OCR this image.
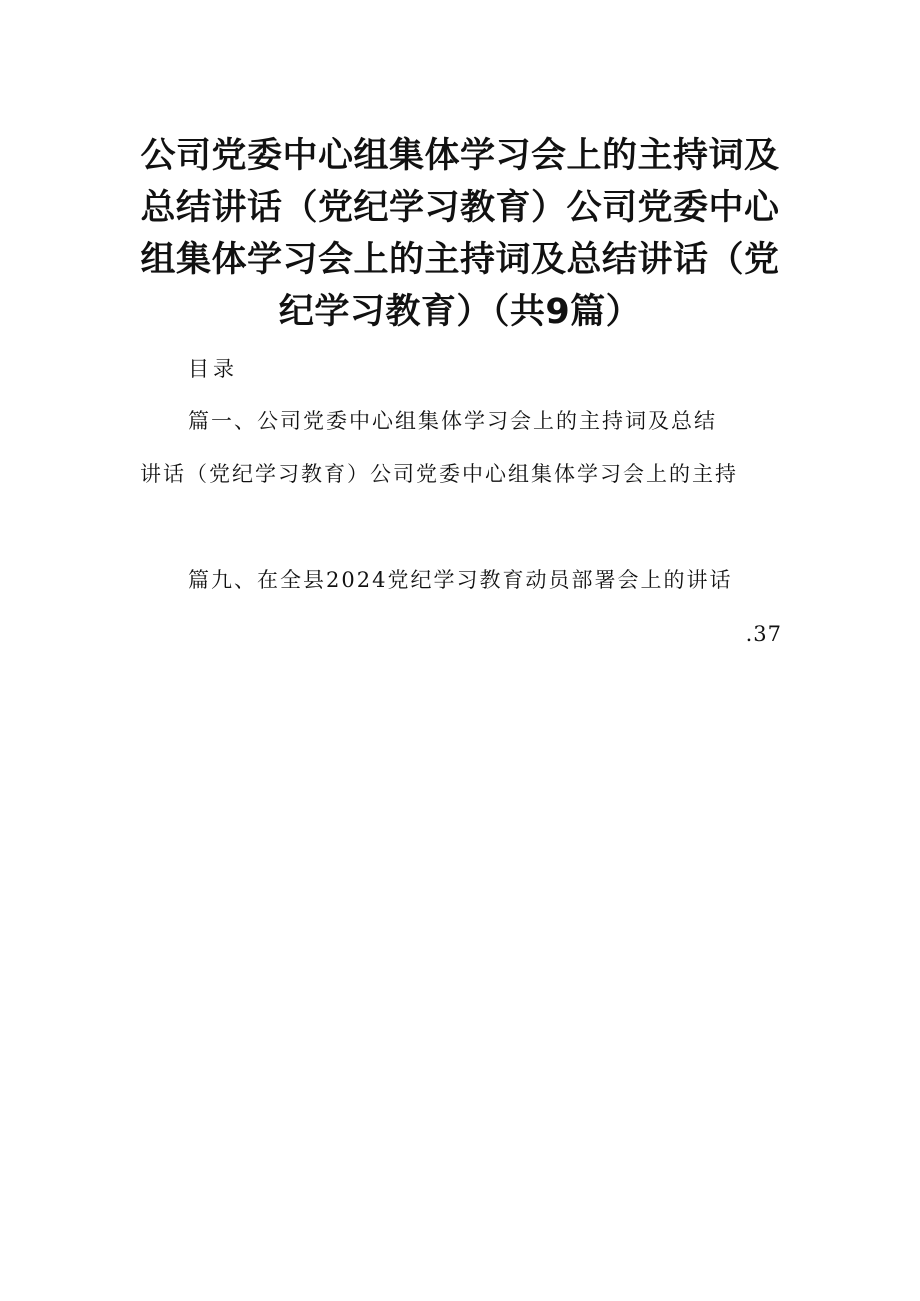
公司党委中心组集体学习会上的主持词及总结讲话（党纪学习教育）公司党委中心组集体学习会上的主持词及总结讲话（党纪学习教育）（共9篇）
目录
篇一、公司党委中心组集体学习会上的主持词及总结
讲话（党纪学习教育）公司党委中心组集体学习会上的主持
篇九、在全县2024党纪学习教育动员部署会上的讲话
.37
